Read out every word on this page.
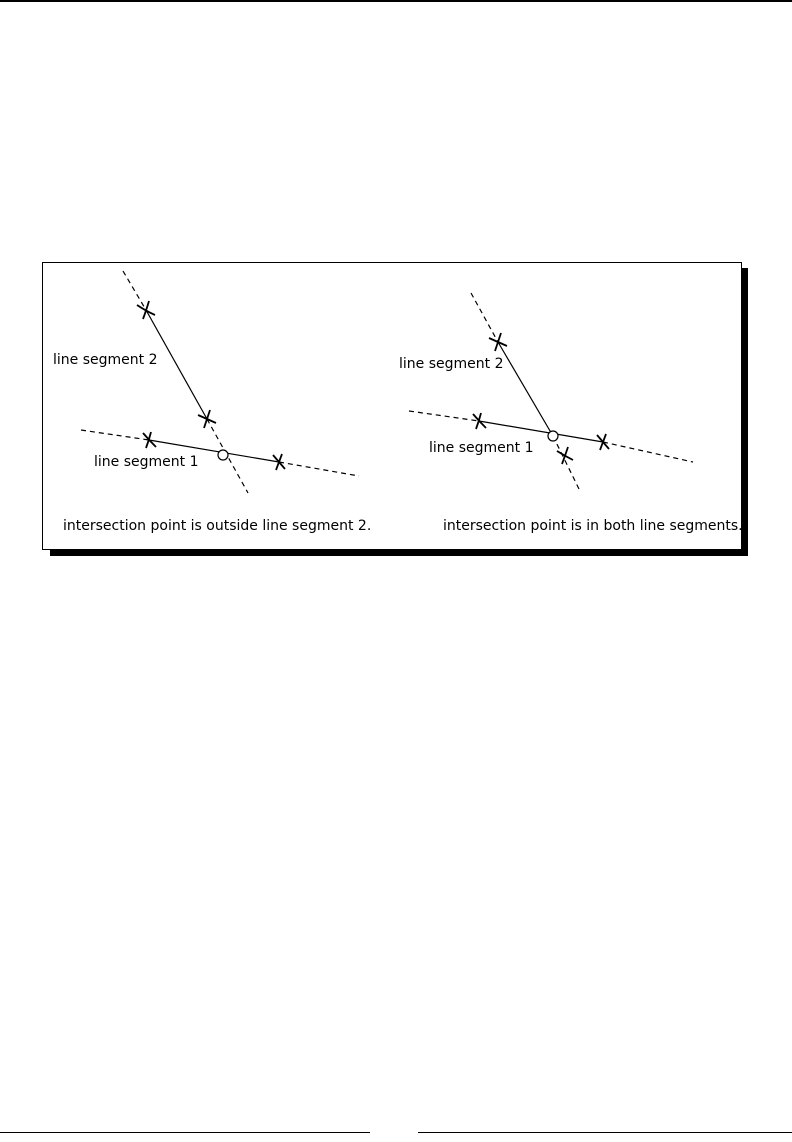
line segment 2
line segment 1
intersection point is outside line segment 2.
line segment 2
line segment 1
intersection point is in both line segments.
